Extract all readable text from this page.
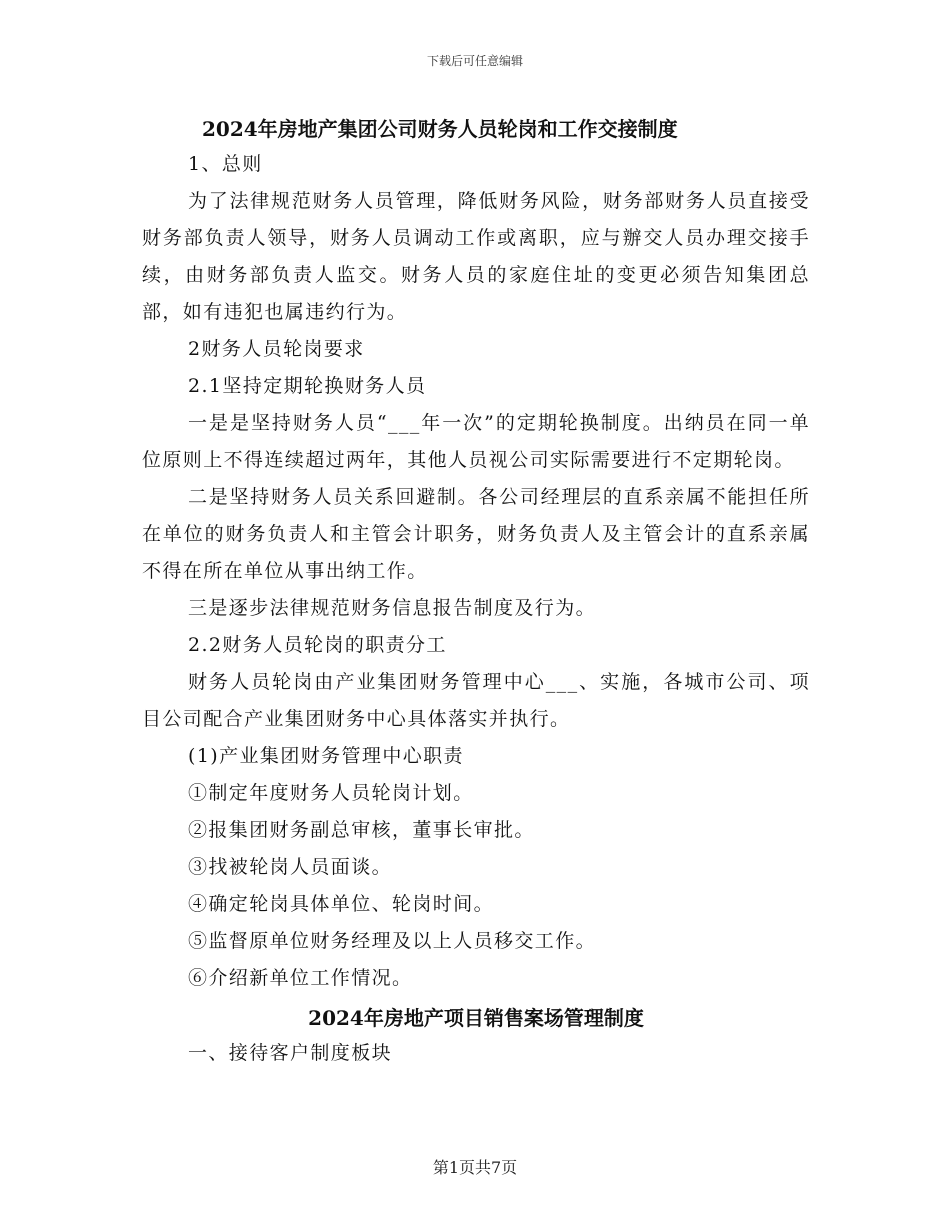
下载后可任意编辑

2024年房地产集团公司财务人员轮岗和工作交接制度

1、总则

为了法律规范财务人员管理，降低财务风险，财务部财务人员直接受财务部负责人领导，财务人员调动工作或离职，应与辦交人员办理交接手续，由财务部负责人监交。财务人员的家庭住址的变更必须告知集团总部，如有违犯也属违约行为。

2财务人员轮岗要求

2.1坚持定期轮换财务人员

一是是坚持财务人员“___年一次”的定期轮换制度。出纳员在同一单位原则上不得连续超过两年，其他人员视公司实际需要进行不定期轮岗。

二是坚持财务人员关系回避制。各公司经理层的直系亲属不能担任所在单位的财务负责人和主管会计职务，财务负责人及主管会计的直系亲属不得在所在单位从事出纳工作。

三是逐步法律规范财务信息报告制度及行为。

2.2财务人员轮岗的职责分工

财务人员轮岗由产业集团财务管理中心___、实施，各城市公司、项目公司配合产业集团财务中心具体落实并执行。

(1)产业集团财务管理中心职责

①制定年度财务人员轮岗计划。

②报集团财务副总审核，董事长审批。

③找被轮岗人员面谈。

④确定轮岗具体单位、轮岗时间。

⑤监督原单位财务经理及以上人员移交工作。

⑥介绍新单位工作情况。

2024年房地产项目销售案场管理制度

一、接待客户制度板块

第1页共7页
